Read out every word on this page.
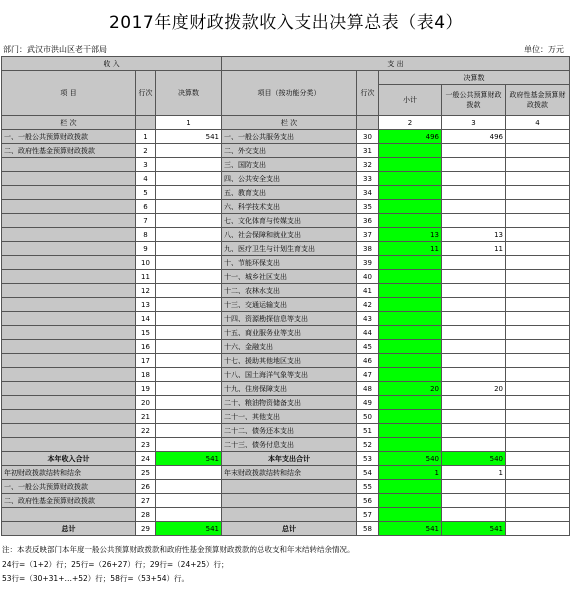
2017年度财政拨款收入支出决算总表（表4）
部门：武汉市洪山区老干部局	单位：万元
收 入			支 出				
项 目	行次	决算数	项目（按功能分类）	行次	决算数		
					小计	一般公共预算财政拨款	政府性基金预算财政拨款
栏 次		1	栏 次		2	3	4
一、一般公共预算财政拨款	1	541	一、一般公共服务支出	30	496	496	
二、政府性基金预算财政拨款	2		二、外交支出	31			
	3		三、国防支出	32			
	4		四、公共安全支出	33			
	5		五、教育支出	34			
	6		六、科学技术支出	35			
	7		七、文化体育与传媒支出	36			
	8		八、社会保障和就业支出	37	13	13	
	9		九、医疗卫生与计划生育支出	38	11	11	
	10		十、节能环保支出	39			
	11		十一、城乡社区支出	40			
	12		十二、农林水支出	41			
	13		十三、交通运输支出	42			
	14		十四、资源勘探信息等支出	43			
	15		十五、商业服务业等支出	44			
	16		十六、金融支出	45			
	17		十七、援助其他地区支出	46			
	18		十八、国土海洋气象等支出	47			
	19		十九、住房保障支出	48	20	20	
	20		二十、粮油物资储备支出	49			
	21		二十一、其他支出	50			
	22		二十二、债务还本支出	51			
	23		二十三、债务付息支出	52			
本年收入合计	24	541	本年支出合计	53	540	540	
年初财政拨款结转和结余	25		年末财政拨款结转和结余	54	1	1	
一、一般公共预算财政拨款	26			55			
二、政府性基金预算财政拨款	27			56			
	28			57			
总计	29	541	总计	58	541	541	
注：本表反映部门本年度一般公共预算财政拨款和政府性基金预算财政拨款的总收支和年末结转结余情况。
24行=（1+2）行；25行=（26+27）行；29行=（24+25）行；
53行=（30+31+…+52）行；58行=（53+54）行。
